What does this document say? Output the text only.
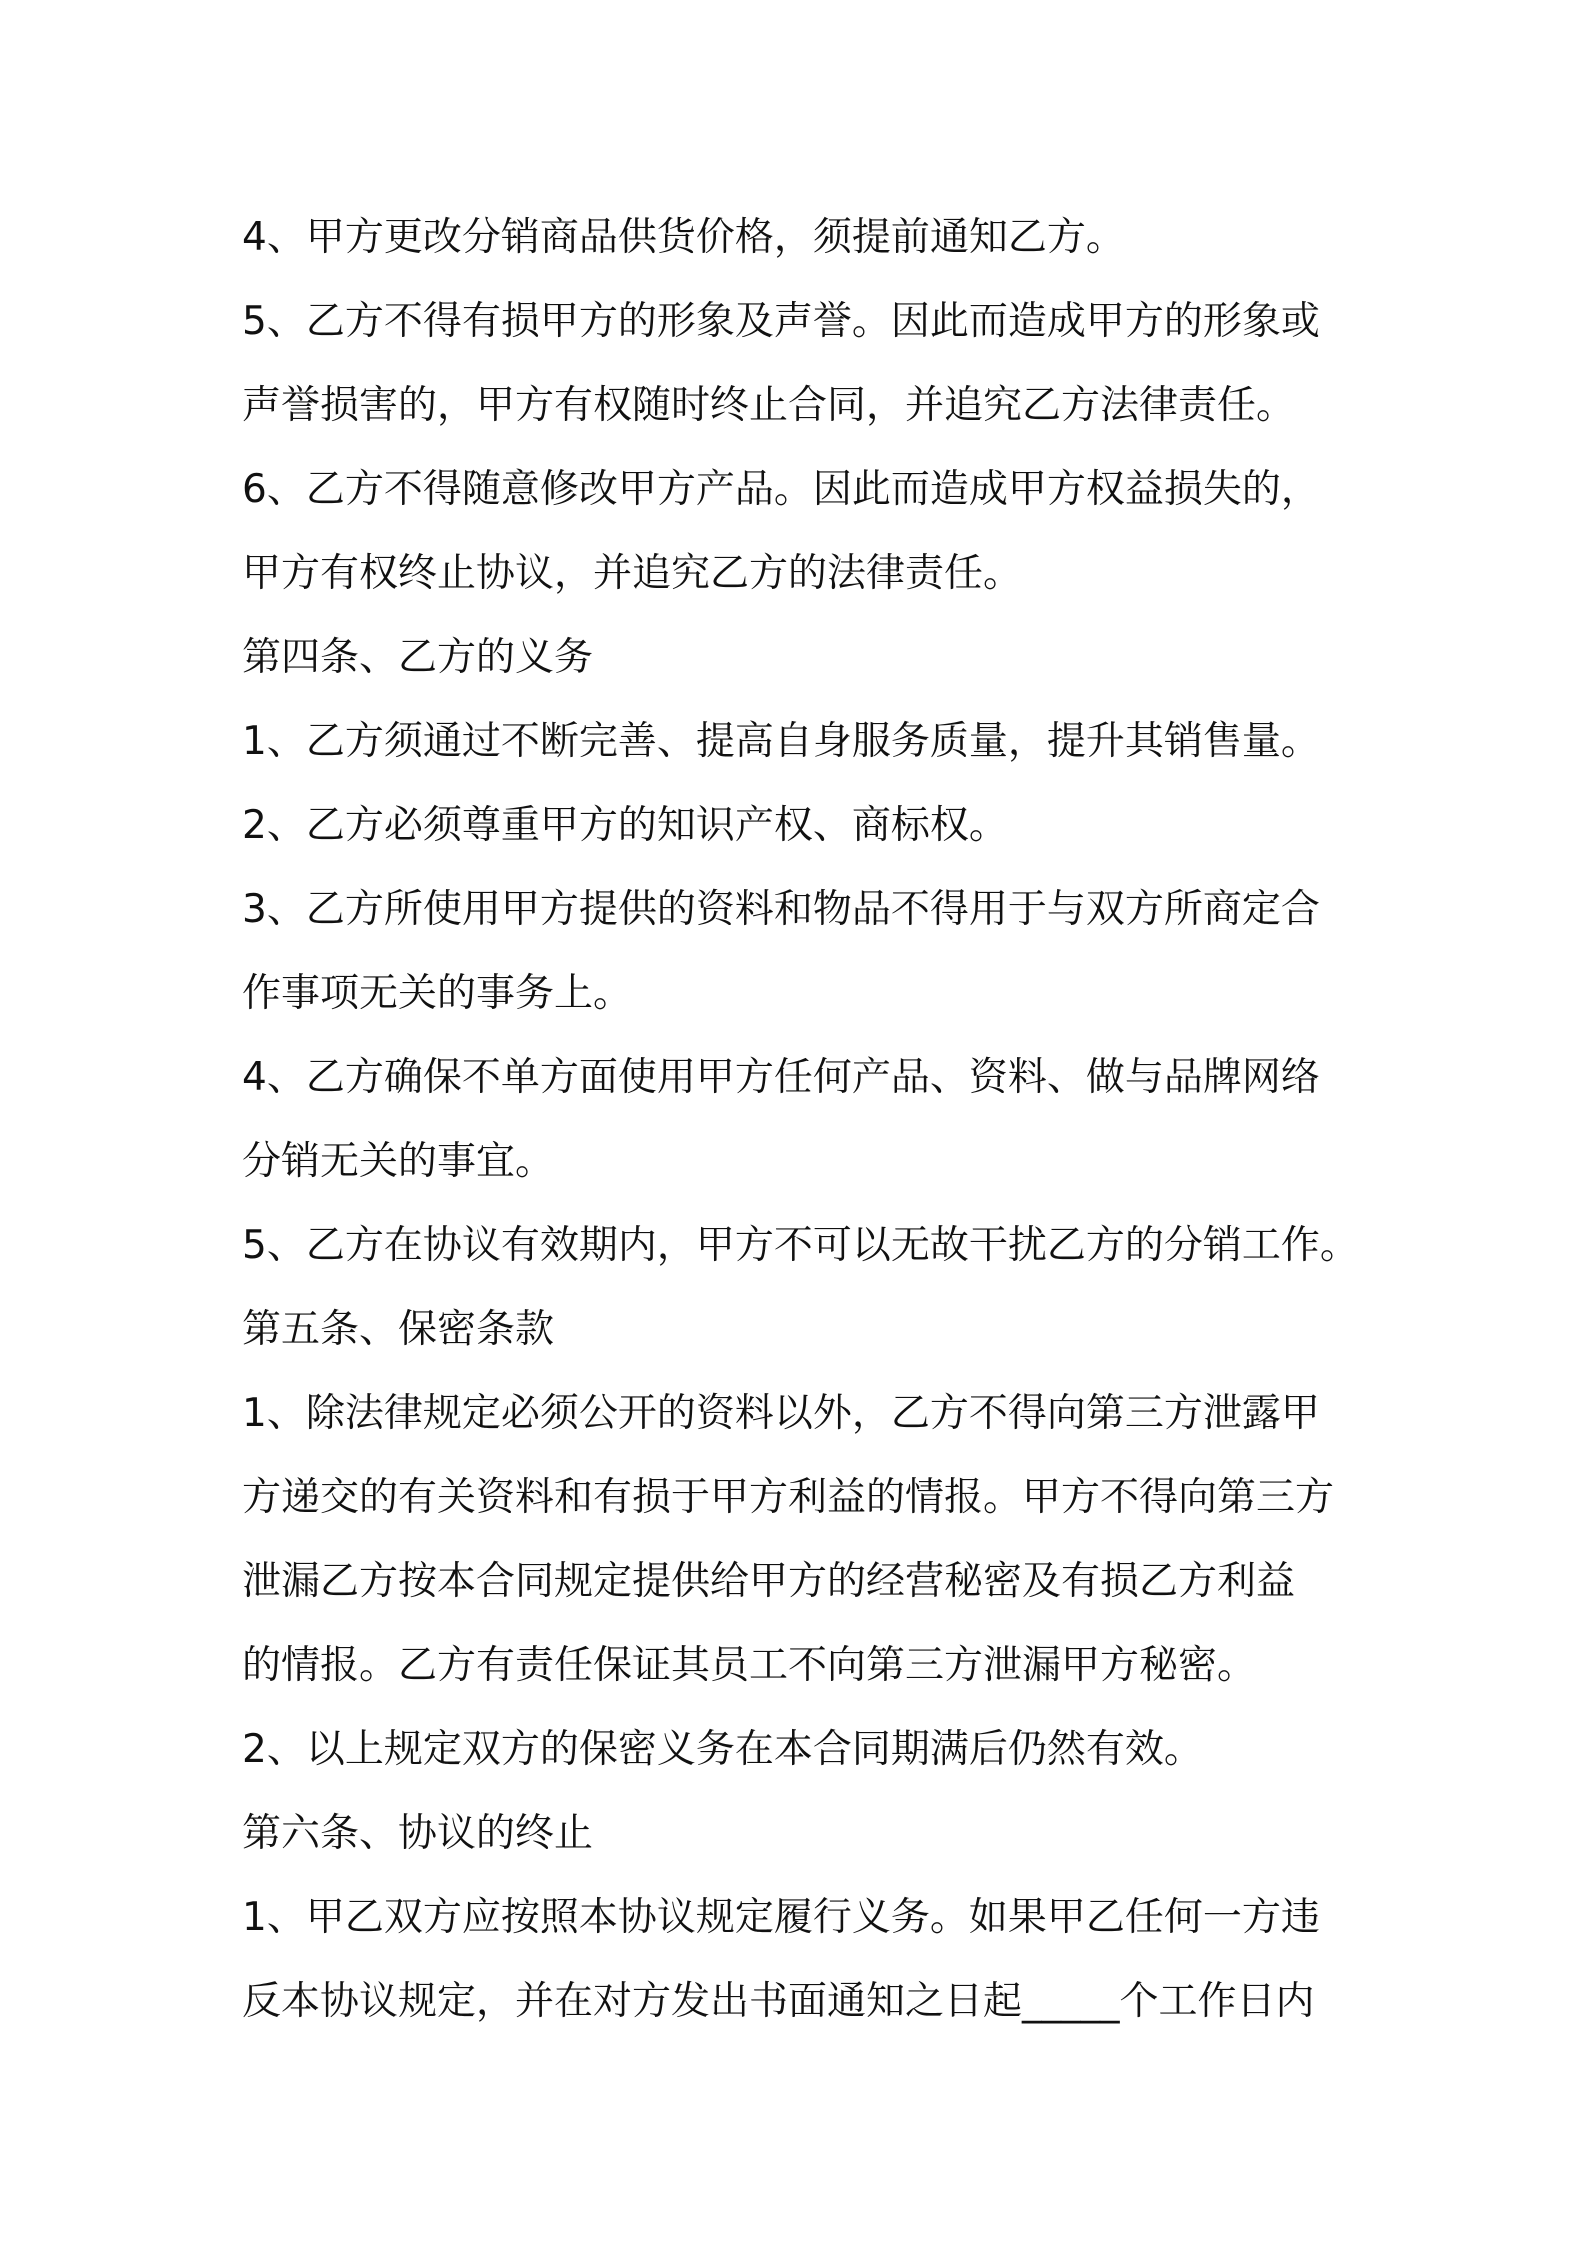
4、甲方更改分销商品供货价格，须提前通知乙方。
5、乙方不得有损甲方的形象及声誉。因此而造成甲方的形象或
声誉损害的，甲方有权随时终止合同，并追究乙方法律责任。
6、乙方不得随意修改甲方产品。因此而造成甲方权益损失的，
甲方有权终止协议，并追究乙方的法律责任。
第四条、乙方的义务
1、乙方须通过不断完善、提高自身服务质量，提升其销售量。
2、乙方必须尊重甲方的知识产权、商标权。
3、乙方所使用甲方提供的资料和物品不得用于与双方所商定合
作事项无关的事务上。
4、乙方确保不单方面使用甲方任何产品、资料、做与品牌网络
分销无关的事宜。
5、乙方在协议有效期内，甲方不可以无故干扰乙方的分销工作。
第五条、保密条款
1、除法律规定必须公开的资料以外，乙方不得向第三方泄露甲
方递交的有关资料和有损于甲方利益的情报。甲方不得向第三方
泄漏乙方按本合同规定提供给甲方的经营秘密及有损乙方利益
的情报。乙方有责任保证其员工不向第三方泄漏甲方秘密。
2、以上规定双方的保密义务在本合同期满后仍然有效。
第六条、协议的终止
1、甲乙双方应按照本协议规定履行义务。如果甲乙任何一方违
反本协议规定，并在对方发出书面通知之日起_____个工作日内
